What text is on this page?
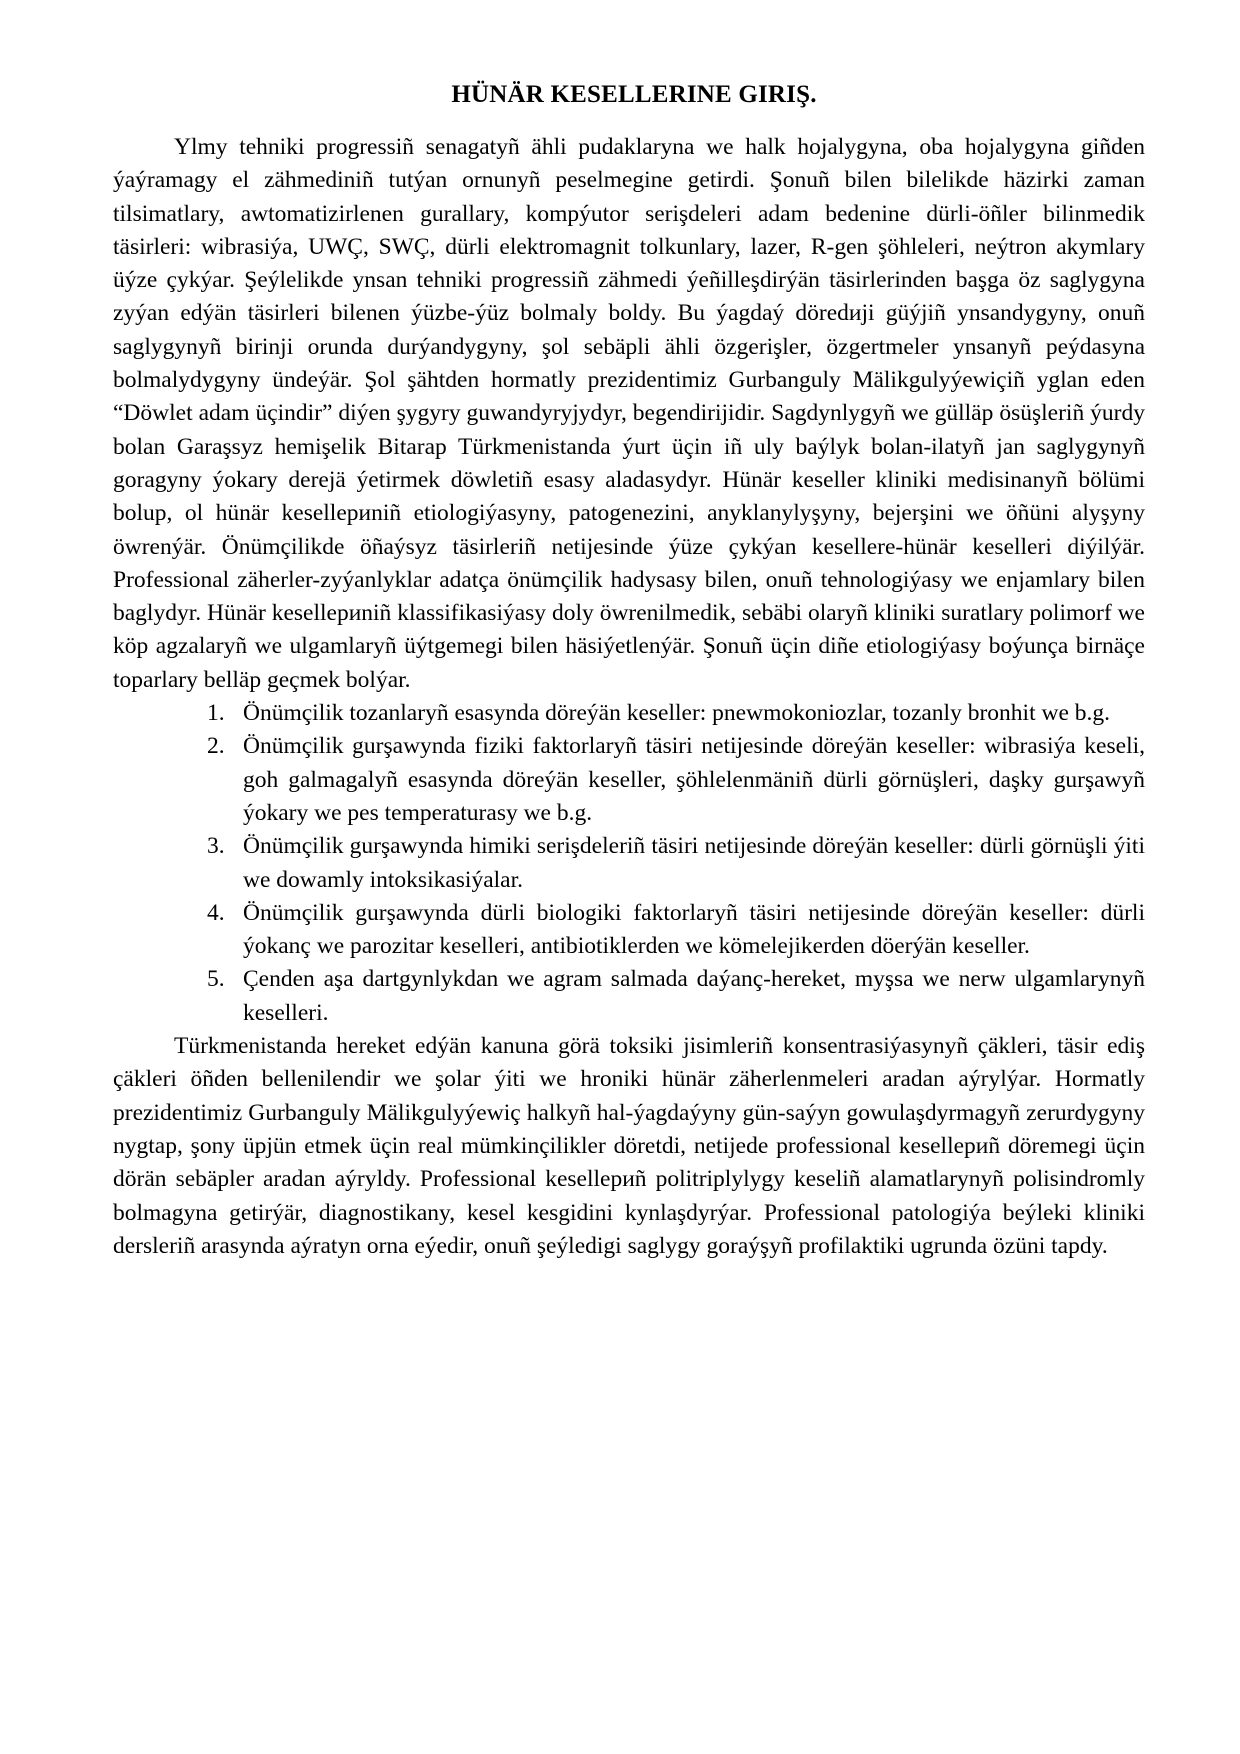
HÜNÄR KESELLERINE GIRIŞ.

Ylmy tehniki progressiñ senagatyñ ähli pudaklaryna we halk hojalygyna, oba hojalygyna giñden ýaýramagy el zähmediniñ tutýan ornunyñ peselmegine getirdi. Şonuñ bilen bilelikde häzirki zaman tilsimatlary, awtomatizirlenen gurallary, kompýutor serişdeleri adam bedenine dürli-öñler bilinmedik täsirleri: wibrasiýa, UWÇ, SWÇ, dürli elektromagnit tolkunlary, lazer, R-gen şöhleleri, neýtron akymlary üýze çykýar. Şeýlelikde ynsan tehniki progressiñ zähmedi ýeñilleşdirýän täsirlerinden başga öz saglygyna zyýan edýän täsirleri bilenen ýüzbe-ýüz bolmaly boldy. Bu ýagdaý döredиji güýjiñ ynsandygyny, onuñ saglygynyñ birinji orunda durýandygyny, şol sebäpli ähli özgerişler, özgertmeler ynsanyñ peýdasyna bolmalydygyny ündeýär. Şol şähtden hormatly prezidentimiz Gurbanguly Mälikgulyýewiçiñ yglan eden “Döwlet adam üçindir” diýen şygyry guwandyryjydyr, begendirijidir. Sagdynlygyñ we gülläp ösüşleriñ ýurdy bolan Garaşsyz hemişelik Bitarap Türkmenistanda ýurt üçin iñ uly baýlyk bolan-ilatyñ jan saglygynyñ goragyny ýokary derejä ýetirmek döwletiñ esasy aladasydyr. Hünär keseller kliniki medisinanyñ bölümi bolup, ol hünär kesellериniñ etiologiýasyny, patogenezini, anyklanylyşyny, bejerşini we öñüni alyşyny öwrenýär. Önümçilikde öñaýsyz täsirleriñ netijesinde ýüze çykýan kesellere-hünär keselleri diýilýär. Professional zäherler-zyýanlyklar adatça önümçilik hadysasy bilen, onuñ tehnologiýasy we enjamlary bilen baglydyr. Hünär kesellериniñ klassifikasiýasy doly öwrenilmedik, sebäbi olaryñ kliniki suratlary polimorf we köp agzalaryñ we ulgamlaryñ üýtgemegi bilen häsiýetlenýär. Şonuñ üçin diñe etiologiýasy boýunça birnäçe toparlary belläp geçmek bolýar.

1. Önümçilik tozanlaryñ esasynda döreýän keseller: pnewmokoniozlar, tozanly bronhit we b.g.
2. Önümçilik gurşawynda fiziki faktorlaryñ täsiri netijesinde döreýän keseller: wibrasiýa keseli, goh galmagalyñ esasynda döreýän keseller, şöhlelenmäniñ dürli görnüşleri, daşky gurşawyñ ýokary we pes temperaturasy we b.g.
3. Önümçilik gurşawynda himiki serişdeleriñ täsiri netijesinde döreýän keseller: dürli görnüşli ýiti we dowamly intoksikasiýalar.
4. Önümçilik gurşawynda dürli biologiki faktorlaryñ täsiri netijesinde döreýän keseller: dürli ýokanç we parozitar keselleri, antibiotiklerden we kömelejikerden döerýän keseller.
5. Çenden aşa dartgynlykdan we agram salmada daýanç-hereket, myşsa we nerw ulgamlarynyñ keselleri.

Türkmenistanda hereket edýän kanuna görä toksiki jisimleriñ konsentrasiýasynyñ çäkleri, täsir ediş çäkleri öñden bellenilendir we şolar ýiti we hroniki hünär zäherlenmeleri aradan aýrylýar. Hormatly prezidentimiz Gurbanguly Mälikgulyýewiç halkyñ hal-ýagdaýyny gün-saýyn gowulaşdyrmagyñ zerurdygyny nygtap, şony üpjün etmek üçin real mümkinçilikler döretdi, netijede professional kesellериñ döremegi üçin dörän sebäpler aradan aýryldy. Professional kesellериñ politriplylygy keseliñ alamatlarynyñ polisindromly bolmagyna getirýär, diagnostikany, kesel kesgidini kynlaşdyrýar. Professional patologiýa beýleki kliniki dersleriñ arasynda aýratyn orna eýedir, onuñ şeýledigi saglygy goraýşyñ profilaktiki ugrunda özüni tapdy.
